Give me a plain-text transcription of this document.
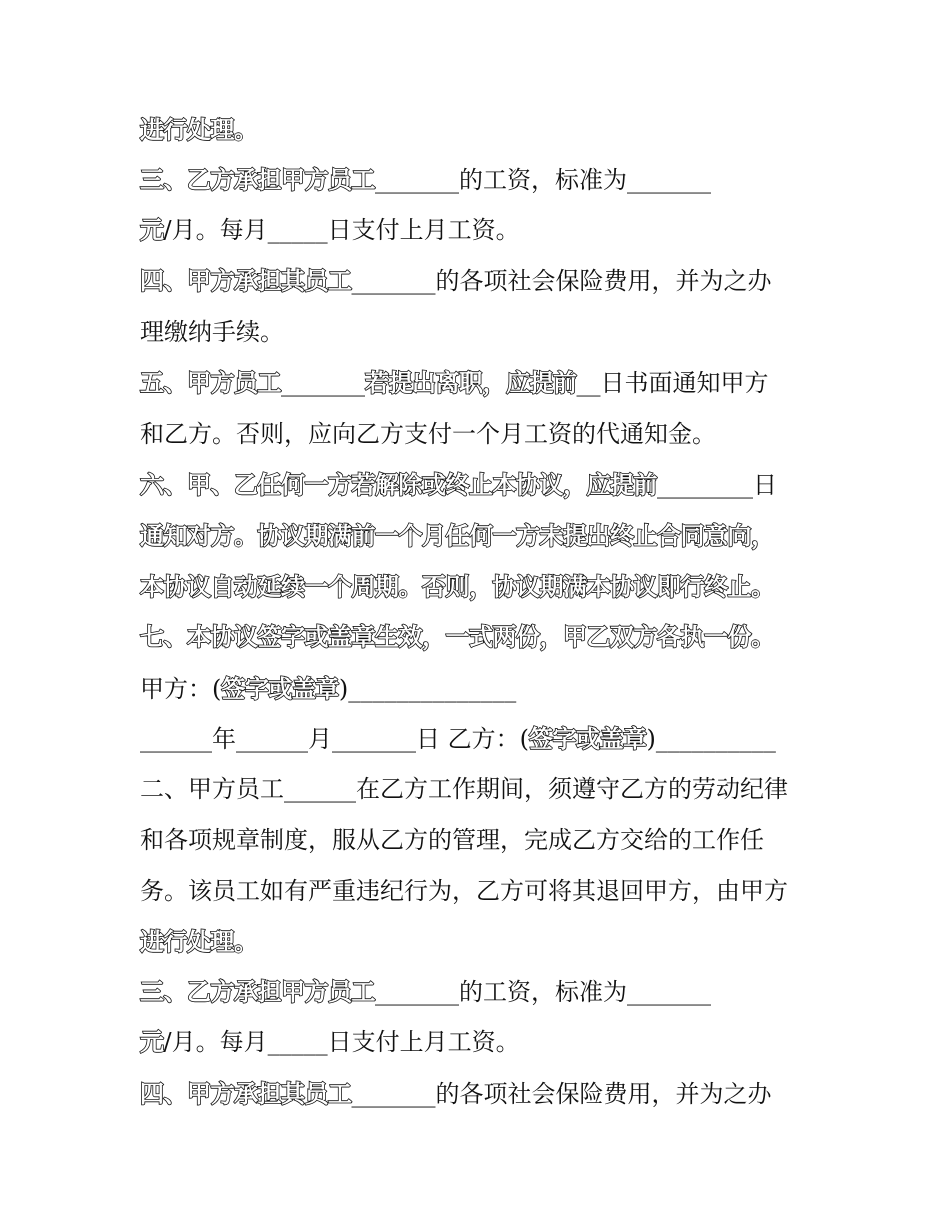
进行处理。
三、乙方承担甲方员工_______的工资，标准为_______
元/月。每月_____日支付上月工资。
四、甲方承担其员工_______的各项社会保险费用，并为之办
理缴纳手续。
五、甲方员工_______若提出离职，应提前__日书面通知甲方
和乙方。否则，应向乙方支付一个月工资的代通知金。
六、甲、乙任何一方若解除或终止本协议，应提前________日
通知对方。协议期满前一个月任何一方未提出终止合同意向，
本协议自动延续一个周期。否则，协议期满本协议即行终止。
七、本协议签字或盖章生效，一式两份，甲乙双方各执一份。
甲方：(签字或盖章)______________
______年______月_______日 乙方：(签字或盖章)__________
二、甲方员工______在乙方工作期间，须遵守乙方的劳动纪律
和各项规章制度，服从乙方的管理，完成乙方交给的工作任
务。该员工如有严重违纪行为，乙方可将其退回甲方，由甲方
进行处理。
三、乙方承担甲方员工_______的工资，标准为_______
元/月。每月_____日支付上月工资。
四、甲方承担其员工_______的各项社会保险费用，并为之办
